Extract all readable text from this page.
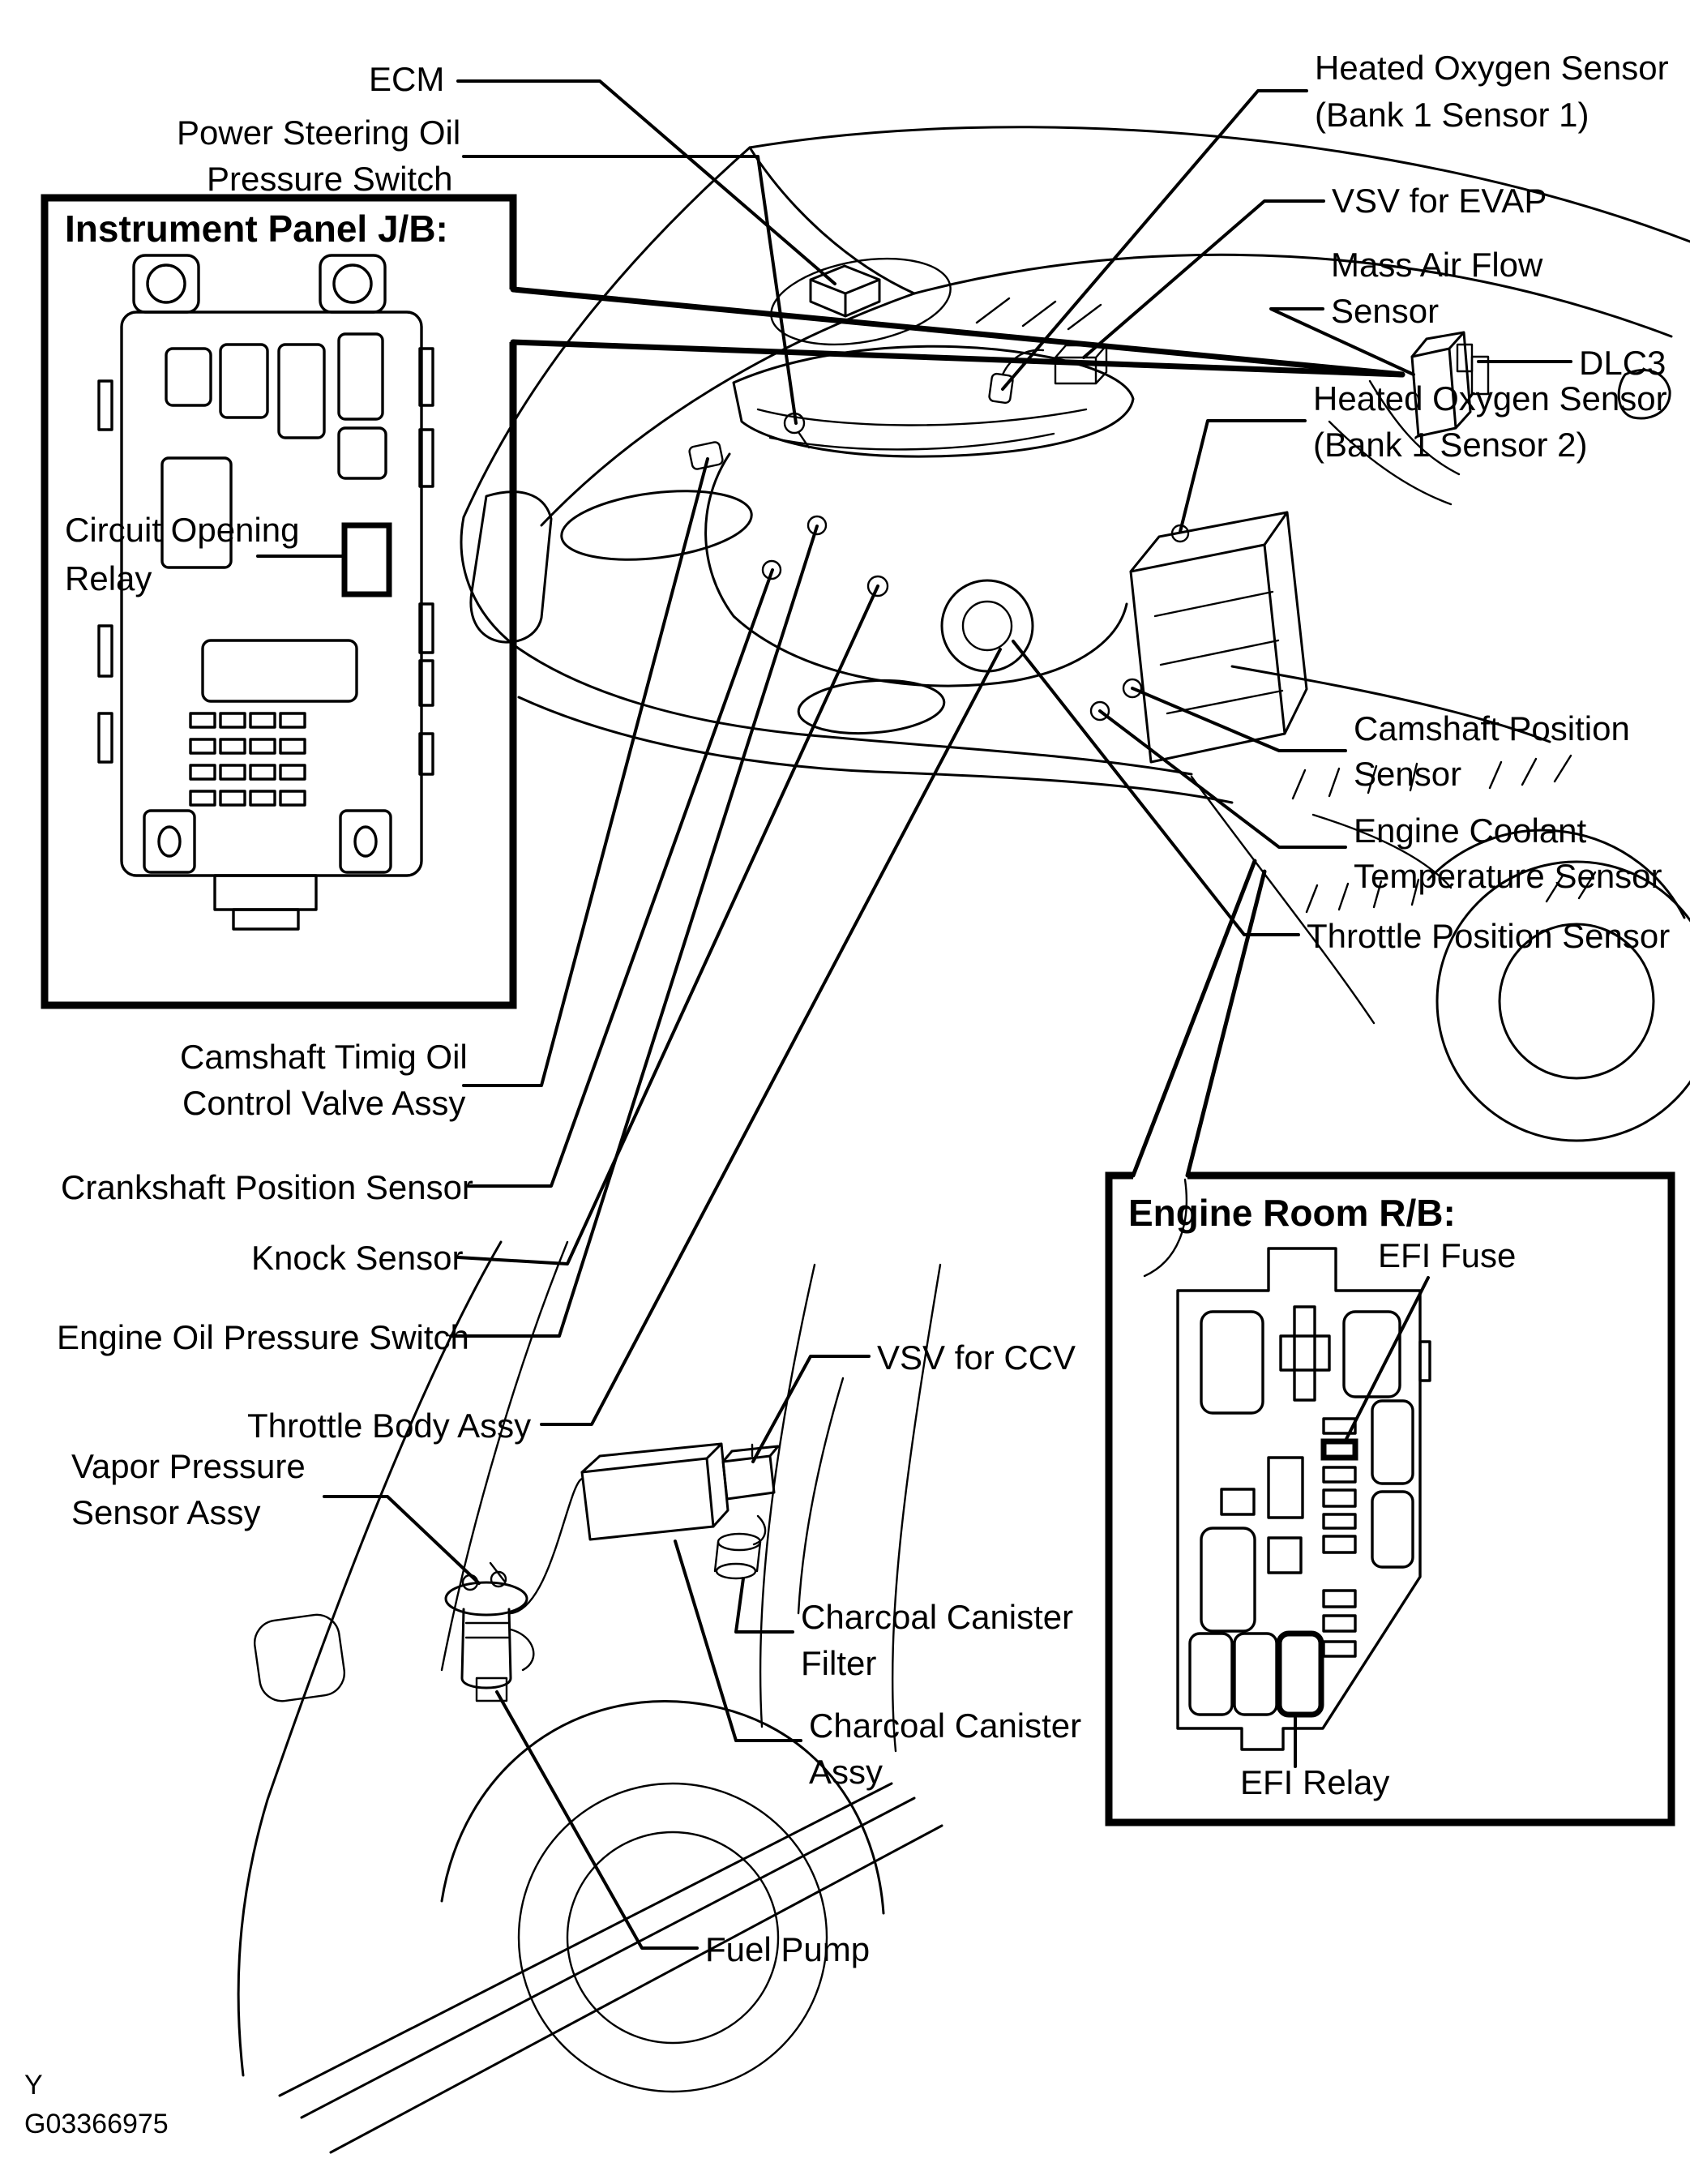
Instrument Panel J/B:
Engine Room R/B:
ECM
Power Steering Oil
Pressure Switch
Circuit Opening
Relay
Heated Oxygen Sensor
(Bank 1 Sensor 1)
VSV for EVAP
Mass Air Flow
Sensor
DLC3
Heated Oxygen Sensor
(Bank 1 Sensor 2)
Camshaft Position
Sensor
Engine Coolant
Temperature Sensor
Throttle Position Sensor
Camshaft Timig Oil
Control Valve Assy
Crankshaft Position Sensor
Knock Sensor
Engine Oil Pressure Switch
Throttle Body Assy
Vapor Pressure
Sensor Assy
VSV for CCV
Charcoal Canister
Filter
Charcoal Canister
Assy
Fuel Pump
EFI Fuse
EFI Relay
Y
G03366975
